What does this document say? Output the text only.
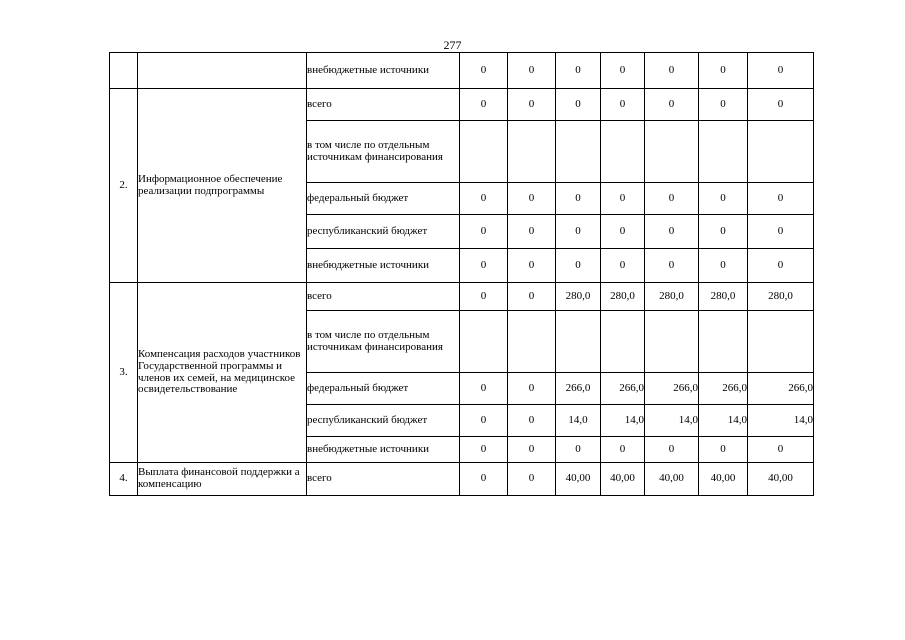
277
		внебюджетные источники	0	0	0	0	0	0	0
2.	Информационное обеспечение реализации подпрограммы	всего	0	0	0	0	0	0	0
		в том числе по отдельным источникам финансирования							
		федеральный бюджет	0	0	0	0	0	0	0
		республиканский бюджет	0	0	0	0	0	0	0
		внебюджетные источники	0	0	0	0	0	0	0
3.	Компенсация расходов участников Государственной программы и членов их семей, на медицинское освидетельствование	всего	0	0	280,0	280,0	280,0	280,0	280,0
		в том числе по отдельным источникам финансирования							
		федеральный бюджет	0	0	266,0	266,0	266,0	266,0	266,0
		республиканский бюджет	0	0	14,0	14,0	14,0	14,0	14,0
		внебюджетные источники	0	0	0	0	0	0	0
4.	Выплата финансовой поддержки а компенсацию	всего	0	0	40,00	40,00	40,00	40,00	40,00
